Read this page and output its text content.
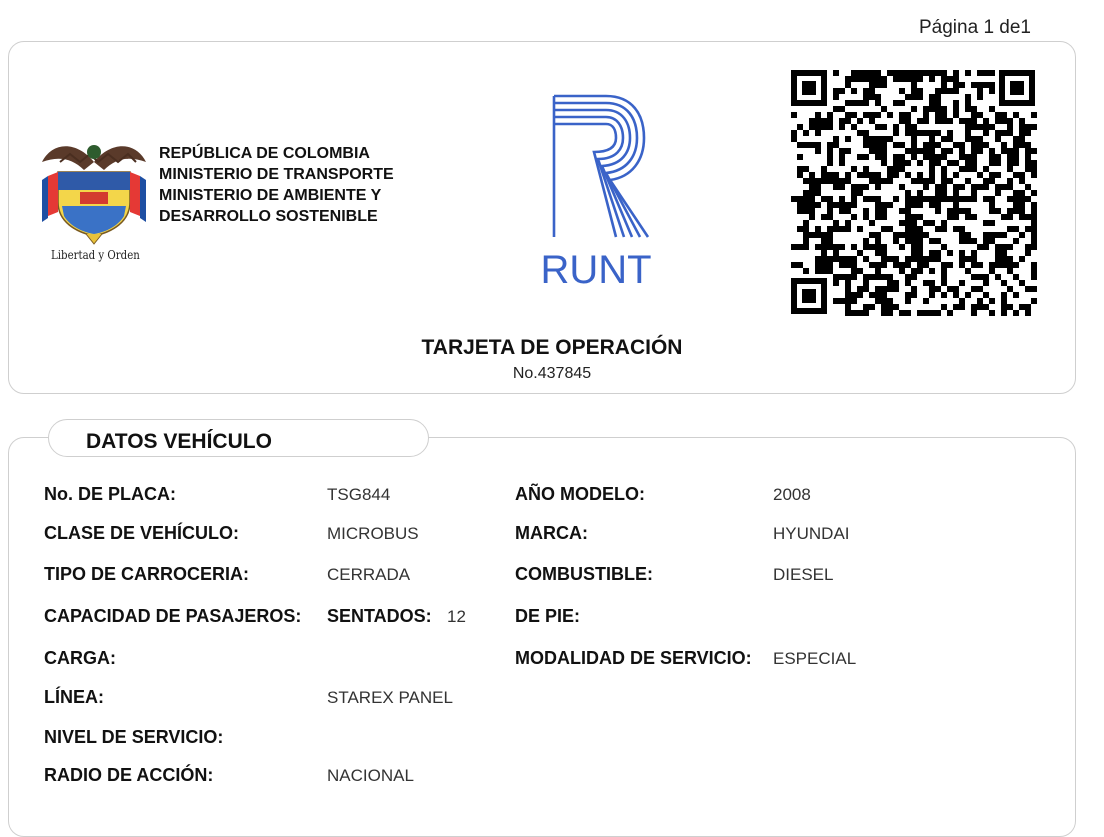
Página 1 de1
Libertad y Orden
REPÚBLICA DE COLOMBIA
MINISTERIO DE TRANSPORTE
MINISTERIO DE AMBIENTE Y
DESARROLLO SOSTENIBLE
RUNT
TARJETA DE OPERACIÓN
No.437845
DATOS VEHÍCULO
No. DE PLACA:	TSG844	AÑO MODELO:	2008
CLASE DE VEHÍCULO:	MICROBUS	MARCA:	HYUNDAI
TIPO DE CARROCERIA:	CERRADA	COMBUSTIBLE:	DIESEL
CAPACIDAD DE PASAJEROS: SENTADOS: 12	DE PIE:
CARGA:	MODALIDAD DE SERVICIO: ESPECIAL
LÍNEA:	STAREX PANEL
NIVEL DE SERVICIO:
RADIO DE ACCIÓN:	NACIONAL
